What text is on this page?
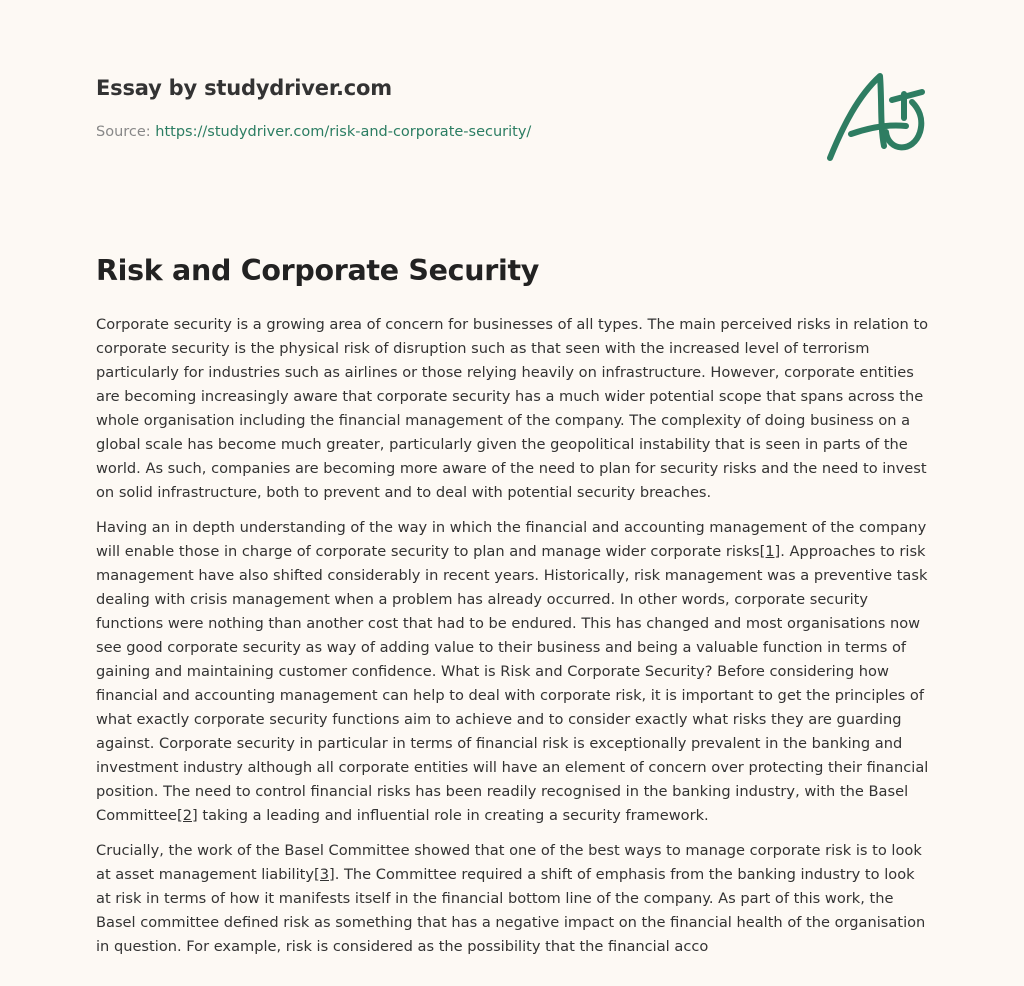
Essay by studydriver.com
Source: https://studydriver.com/risk-and-corporate-security/
Risk and Corporate Security

Corporate security is a growing area of concern for businesses of all types. The main perceived risks in relation to corporate security is the physical risk of disruption such as that seen with the increased level of terrorism particularly for industries such as airlines or those relying heavily on infrastructure. However, corporate entities are becoming increasingly aware that corporate security has a much wider potential scope that spans across the whole organisation including the financial management of the company. The complexity of doing business on a global scale has become much greater, particularly given the geopolitical instability that is seen in parts of the world. As such, companies are becoming more aware of the need to plan for security risks and the need to invest on solid infrastructure, both to prevent and to deal with potential security breaches.

Having an in depth understanding of the way in which the financial and accounting management of the company will enable those in charge of corporate security to plan and manage wider corporate risks[1]. Approaches to risk management have also shifted considerably in recent years. Historically, risk management was a preventive task dealing with crisis management when a problem has already occurred. In other words, corporate security functions were nothing than another cost that had to be endured. This has changed and most organisations now see good corporate security as way of adding value to their business and being a valuable function in terms of gaining and maintaining customer confidence. What is Risk and Corporate Security? Before considering how financial and accounting management can help to deal with corporate risk, it is important to get the principles of what exactly corporate security functions aim to achieve and to consider exactly what risks they are guarding against. Corporate security in particular in terms of financial risk is exceptionally prevalent in the banking and investment industry although all corporate entities will have an element of concern over protecting their financial position. The need to control financial risks has been readily recognised in the banking industry, with the Basel Committee[2] taking a leading and influential role in creating a security framework.

Crucially, the work of the Basel Committee showed that one of the best ways to manage corporate risk is to look at asset management liability[3]. The Committee required a shift of emphasis from the banking industry to look at risk in terms of how it manifests itself in the financial bottom line of the company. As part of this work, the Basel committee defined risk as something that has a negative impact on the financial health of the organisation in question. For example, risk is considered as the possibility that the financial acco
